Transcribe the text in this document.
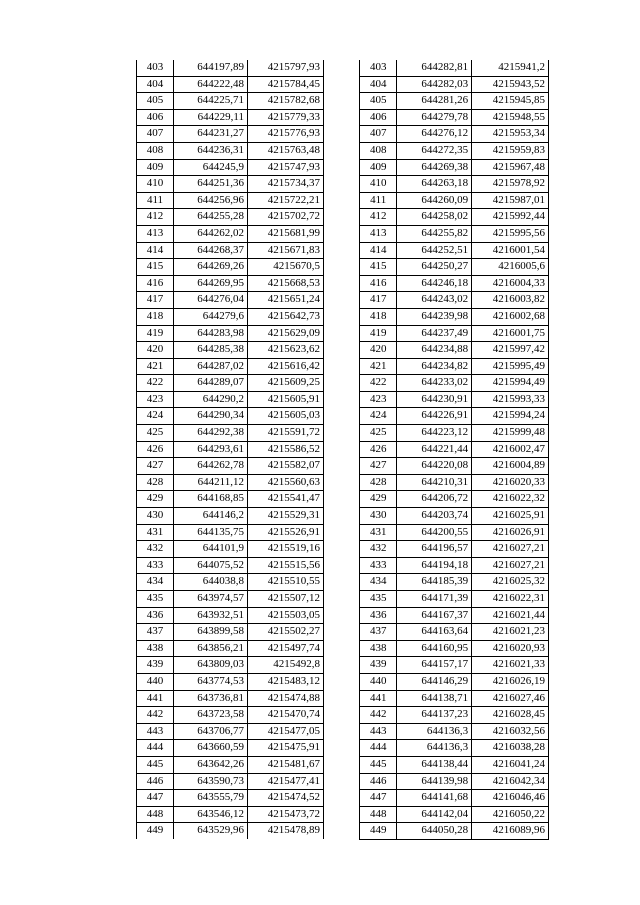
403	644197,89	4215797,93
404	644222,48	4215784,45
405	644225,71	4215782,68
406	644229,11	4215779,33
407	644231,27	4215776,93
408	644236,31	4215763,48
409	644245,9	4215747,93
410	644251,36	4215734,37
411	644256,96	4215722,21
412	644255,28	4215702,72
413	644262,02	4215681,99
414	644268,37	4215671,83
415	644269,26	4215670,5
416	644269,95	4215668,53
417	644276,04	4215651,24
418	644279,6	4215642,73
419	644283,98	4215629,09
420	644285,38	4215623,62
421	644287,02	4215616,42
422	644289,07	4215609,25
423	644290,2	4215605,91
424	644290,34	4215605,03
425	644292,38	4215591,72
426	644293,61	4215586,52
427	644262,78	4215582,07
428	644211,12	4215560,63
429	644168,85	4215541,47
430	644146,2	4215529,31
431	644135,75	4215526,91
432	644101,9	4215519,16
433	644075,52	4215515,56
434	644038,8	4215510,55
435	643974,57	4215507,12
436	643932,51	4215503,05
437	643899,58	4215502,27
438	643856,21	4215497,74
439	643809,03	4215492,8
440	643774,53	4215483,12
441	643736,81	4215474,88
442	643723,58	4215470,74
443	643706,77	4215477,05
444	643660,59	4215475,91
445	643642,26	4215481,67
446	643590,73	4215477,41
447	643555,79	4215474,52
448	643546,12	4215473,72
449	643529,96	4215478,89
403	644282,81	4215941,2
404	644282,03	4215943,52
405	644281,26	4215945,85
406	644279,78	4215948,55
407	644276,12	4215953,34
408	644272,35	4215959,83
409	644269,38	4215967,48
410	644263,18	4215978,92
411	644260,09	4215987,01
412	644258,02	4215992,44
413	644255,82	4215995,56
414	644252,51	4216001,54
415	644250,27	4216005,6
416	644246,18	4216004,33
417	644243,02	4216003,82
418	644239,98	4216002,68
419	644237,49	4216001,75
420	644234,88	4215997,42
421	644234,82	4215995,49
422	644233,02	4215994,49
423	644230,91	4215993,33
424	644226,91	4215994,24
425	644223,12	4215999,48
426	644221,44	4216002,47
427	644220,08	4216004,89
428	644210,31	4216020,33
429	644206,72	4216022,32
430	644203,74	4216025,91
431	644200,55	4216026,91
432	644196,57	4216027,21
433	644194,18	4216027,21
434	644185,39	4216025,32
435	644171,39	4216022,31
436	644167,37	4216021,44
437	644163,64	4216021,23
438	644160,95	4216020,93
439	644157,17	4216021,33
440	644146,29	4216026,19
441	644138,71	4216027,46
442	644137,23	4216028,45
443	644136,3	4216032,56
444	644136,3	4216038,28
445	644138,44	4216041,24
446	644139,98	4216042,34
447	644141,68	4216046,46
448	644142,04	4216050,22
449	644050,28	4216089,96
